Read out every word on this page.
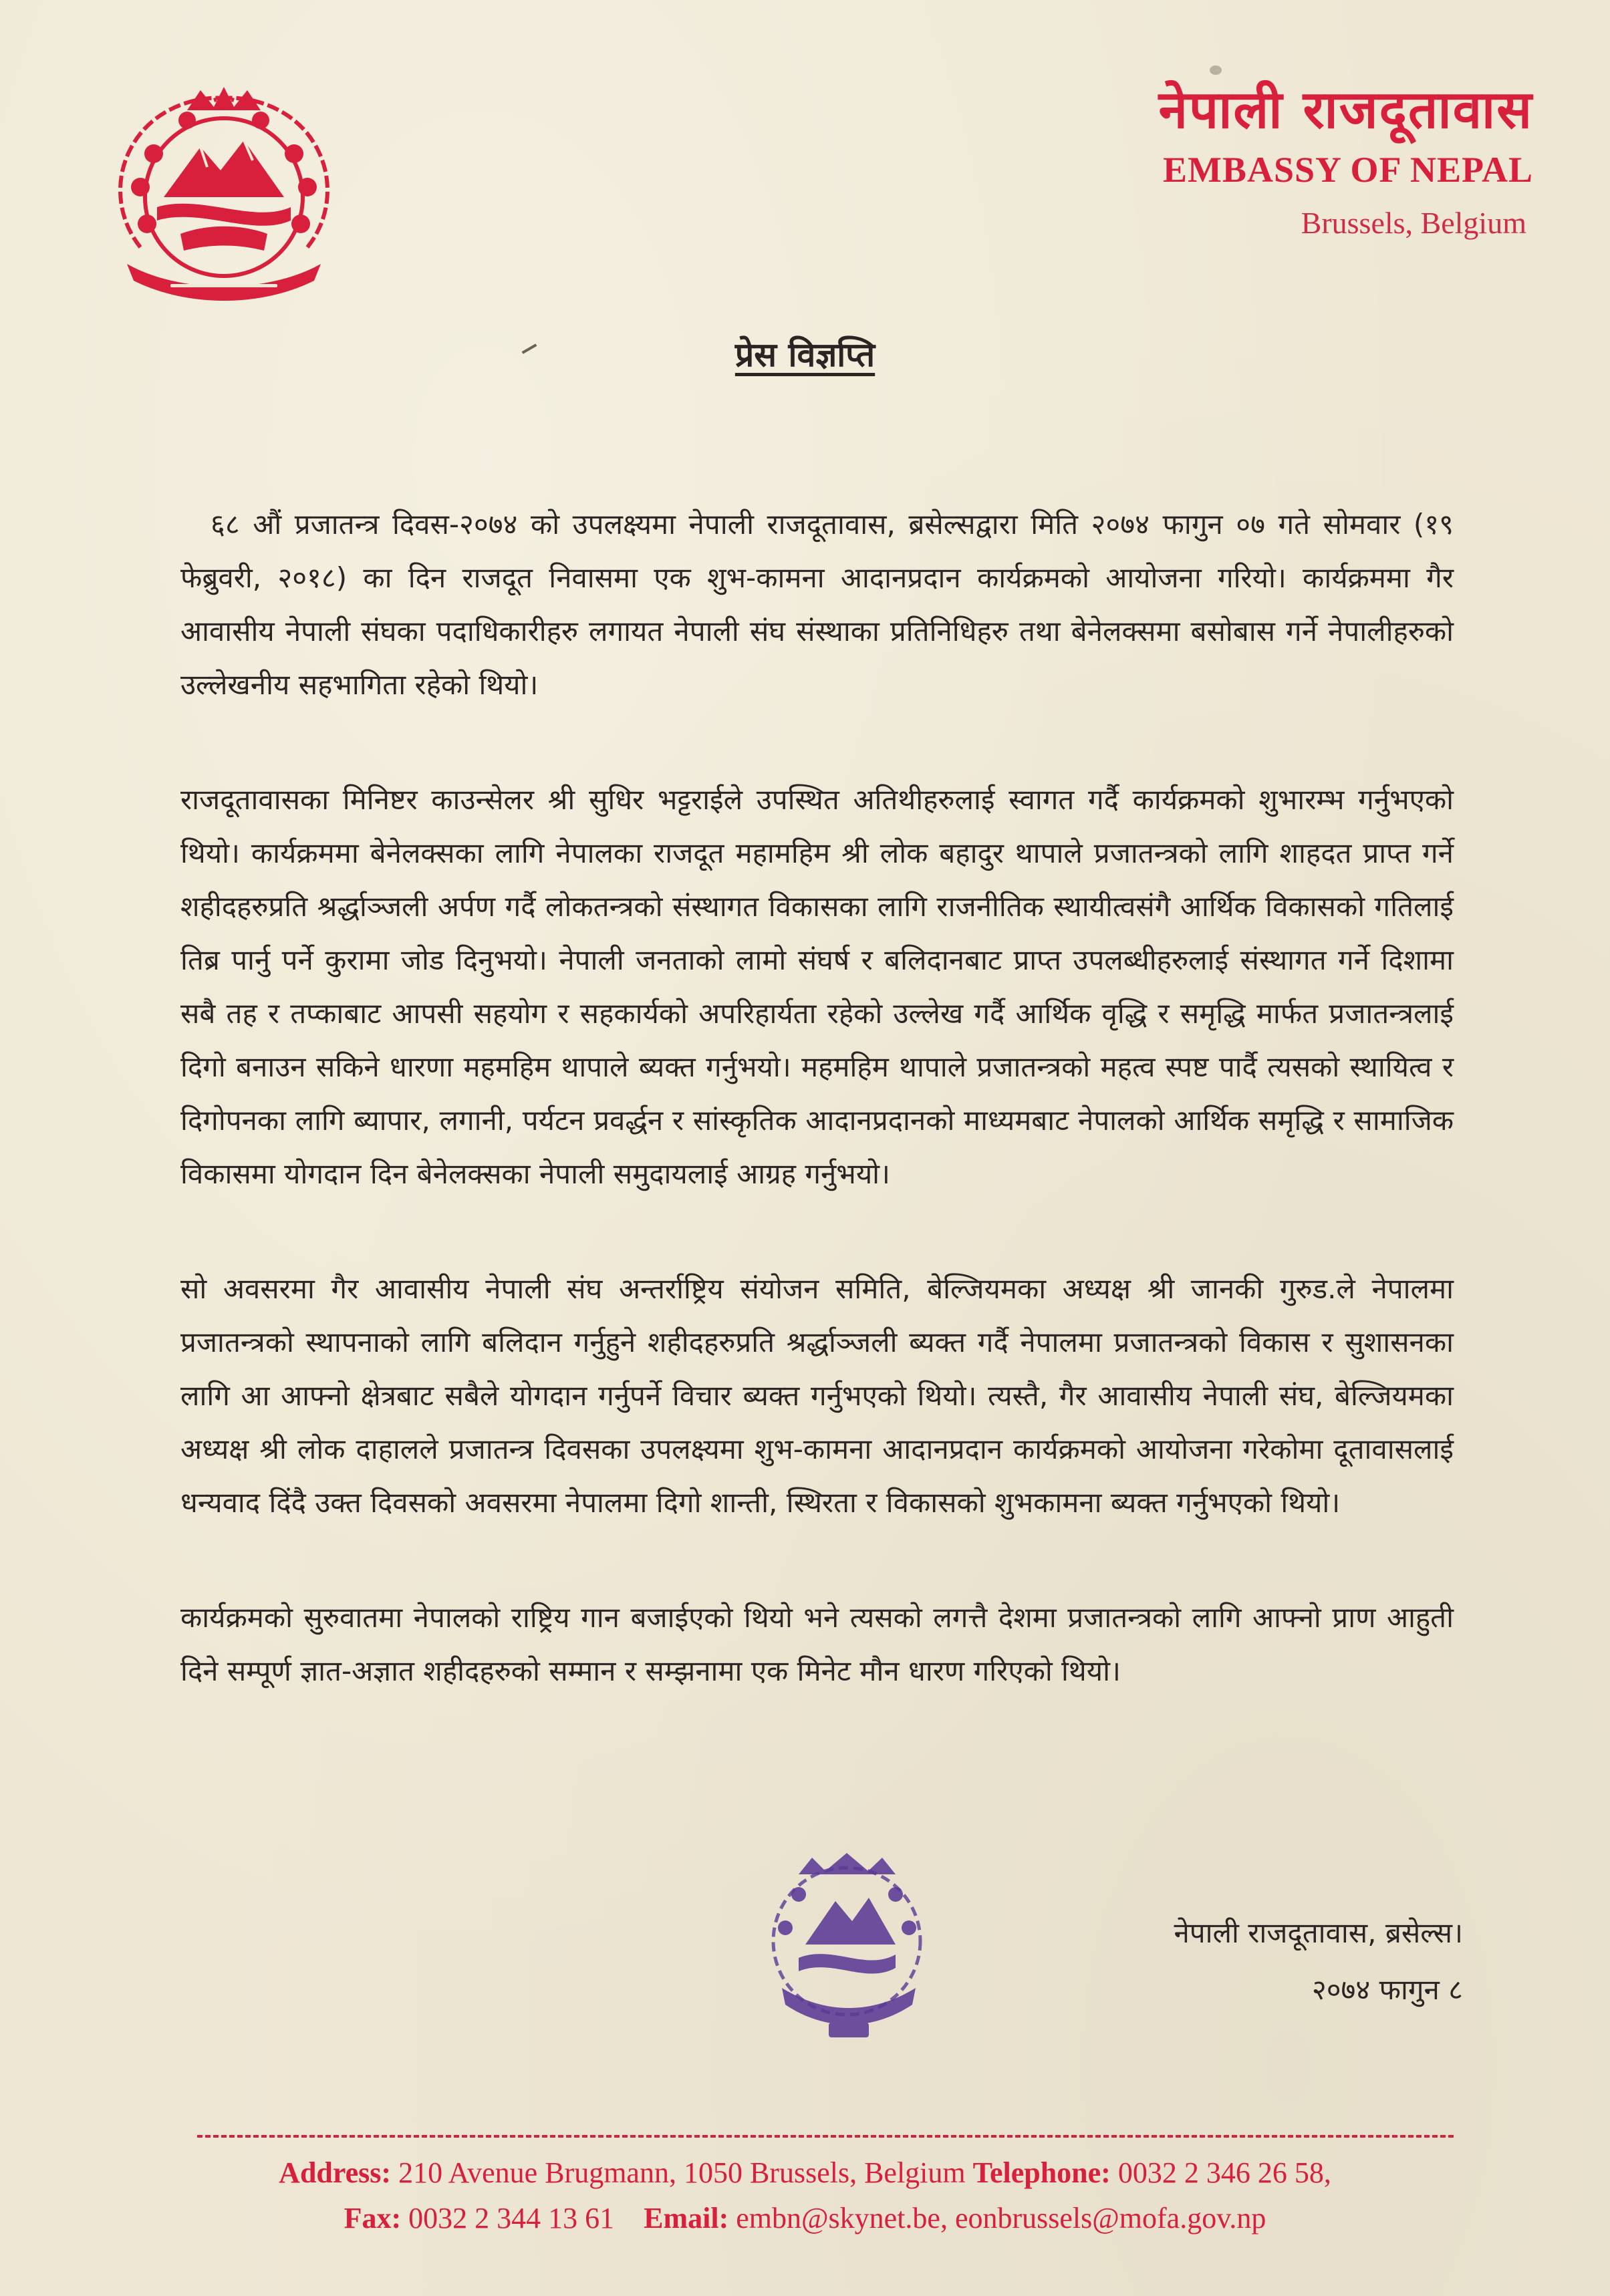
नेपाली राजदूतावास
EMBASSY OF NEPAL
Brussels, Belgium
प्रेस विज्ञप्ति

६८ औं प्रजातन्त्र दिवस-२०७४ को उपलक्ष्यमा नेपाली राजदूतावास, ब्रसेल्सद्वारा मिति २०७४ फागुन ०७ गते सोमवार (१९ फेब्रुवरी, २०१८) का दिन राजदूत निवासमा एक शुभ-कामना आदानप्रदान कार्यक्रमको आयोजना गरियो। कार्यक्रममा गैर आवासीय नेपाली संघका पदाधिकारीहरु लगायत नेपाली संघ संस्थाका प्रतिनिधिहरु तथा बेनेलक्समा बसोबास गर्ने नेपालीहरुको उल्लेखनीय सहभागिता रहेको थियो।

राजदूतावासका मिनिष्टर काउन्सेलर श्री सुधिर भट्टराईले उपस्थित अतिथीहरुलाई स्वागत गर्दै कार्यक्रमको शुभारम्भ गर्नुभएको थियो। कार्यक्रममा बेनेलक्सका लागि नेपालका राजदूत महामहिम श्री लोक बहादुर थापाले प्रजातन्त्रको लागि शाहदत प्राप्त गर्ने शहीदहरुप्रति श्रर्द्धाञ्जली अर्पण गर्दै लोकतन्त्रको संस्थागत विकासका लागि राजनीतिक स्थायीत्वसंगै आर्थिक विकासको गतिलाई तिब्र पार्नु पर्ने कुरामा जोड दिनुभयो। नेपाली जनताको लामो संघर्ष र बलिदानबाट प्राप्त उपलब्धीहरुलाई संस्थागत गर्ने दिशामा सबै तह र तप्काबाट आपसी सहयोग र सहकार्यको अपरिहार्यता रहेको उल्लेख गर्दै आर्थिक वृद्धि र समृद्धि मार्फत प्रजातन्त्रलाई दिगो बनाउन सकिने धारणा महमहिम थापाले ब्यक्त गर्नुभयो। महमहिम थापाले प्रजातन्त्रको महत्व स्पष्ट पार्दै त्यसको स्थायित्व र दिगोपनका लागि ब्यापार, लगानी, पर्यटन प्रवर्द्धन र सांस्कृतिक आदानप्रदानको माध्यमबाट नेपालको आर्थिक समृद्धि र सामाजिक विकासमा योगदान दिन बेनेलक्सका नेपाली समुदायलाई आग्रह गर्नुभयो।

सो अवसरमा गैर आवासीय नेपाली संघ अन्तर्राष्ट्रिय संयोजन समिति, बेल्जियमका अध्यक्ष श्री जानकी गुरुड.ले नेपालमा प्रजातन्त्रको स्थापनाको लागि बलिदान गर्नुहुने शहीदहरुप्रति श्रर्द्धाञ्जली ब्यक्त गर्दै नेपालमा प्रजातन्त्रको विकास र सुशासनका लागि आ आफ्नो क्षेत्रबाट सबैले योगदान गर्नुपर्ने विचार ब्यक्त गर्नुभएको थियो। त्यस्तै, गैर आवासीय नेपाली संघ, बेल्जियमका अध्यक्ष श्री लोक दाहालले प्रजातन्त्र दिवसका उपलक्ष्यमा शुभ-कामना आदानप्रदान कार्यक्रमको आयोजना गरेकोमा दूतावासलाई धन्यवाद दिंदै उक्त दिवसको अवसरमा नेपालमा दिगो शान्ती, स्थिरता र विकासको शुभकामना ब्यक्त गर्नुभएको थियो।

कार्यक्रमको सुरुवातमा नेपालको राष्ट्रिय गान बजाईएको थियो भने त्यसको लगत्तै देशमा प्रजातन्त्रको लागि आफ्नो प्राण आहुती दिने सम्पूर्ण ज्ञात-अज्ञात शहीदहरुको सम्मान र सम्झनामा एक मिनेट मौन धारण गरिएको थियो।

नेपाली राजदूतावास, ब्रसेल्स।
२०७४ फागुन ८
Address: 210 Avenue Brugmann, 1050 Brussels, Belgium Telephone: 0032 2 346 26 58,
Fax: 0032 2 344 13 61 Email: embn@skynet.be, eonbrussels@mofa.gov.np
